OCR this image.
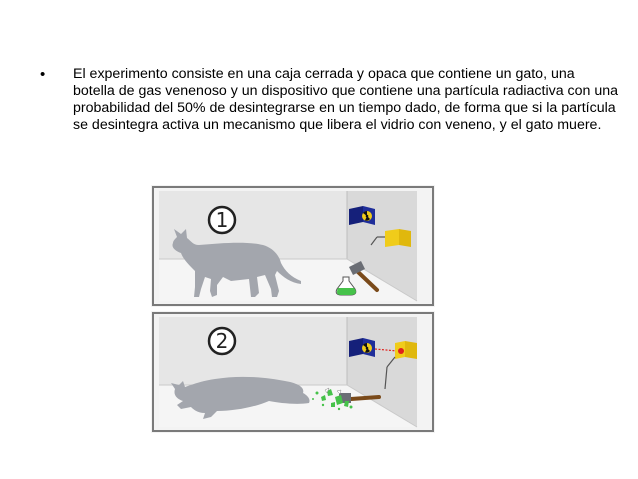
• El experimento consiste en una caja cerrada y opaca que contiene un gato, una botella de gas venenoso y un dispositivo que contiene una partícula radiactiva con una probabilidad del 50% de desintegrarse en un tiempo dado, de forma que si la partícula se desintegra activa un mecanismo que libera el vidrio con veneno, y el gato muere.

1
2
